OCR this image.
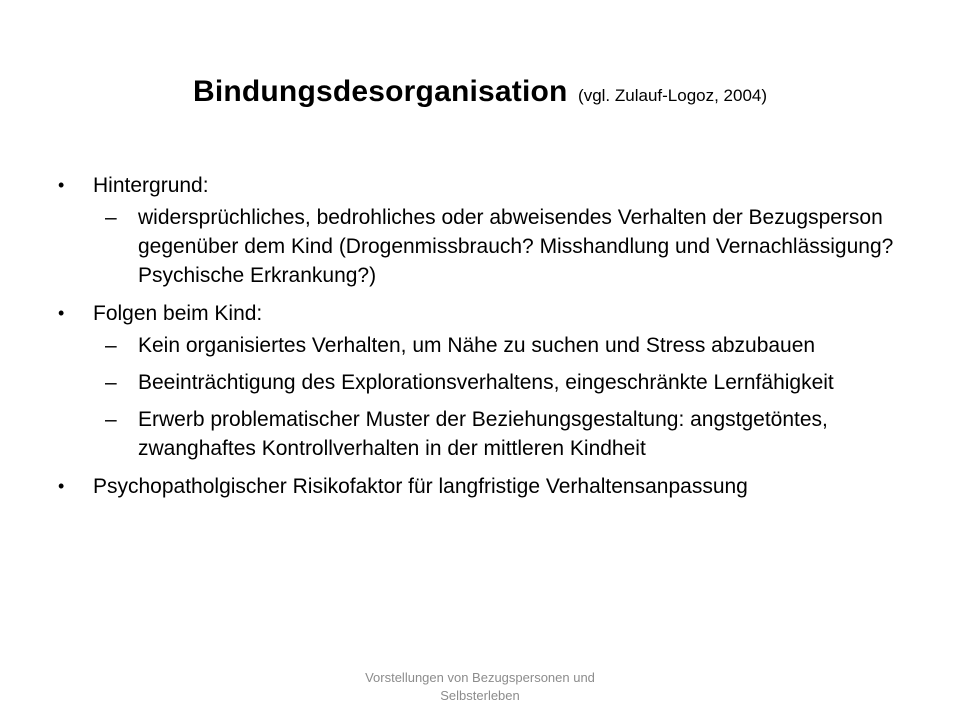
Bindungsdesorganisation (vgl. Zulauf-Logoz, 2004)
• Hintergrund:
– widersprüchliches, bedrohliches oder abweisendes Verhalten der Bezugsperson gegenüber dem Kind (Drogenmissbrauch? Misshandlung und Vernachlässigung? Psychische Erkrankung?)
• Folgen beim Kind:
– Kein organisiertes Verhalten, um Nähe zu suchen und Stress abzubauen
– Beeinträchtigung des Explorationsverhaltens, eingeschränkte Lernfähigkeit
– Erwerb problematischer Muster der Beziehungsgestaltung: angstgetöntes, zwanghaftes Kontrollverhalten in der mittleren Kindheit
• Psychopatholgischer Risikofaktor für langfristige Verhaltensanpassung
Vorstellungen von Bezugspersonen und Selbsterleben
